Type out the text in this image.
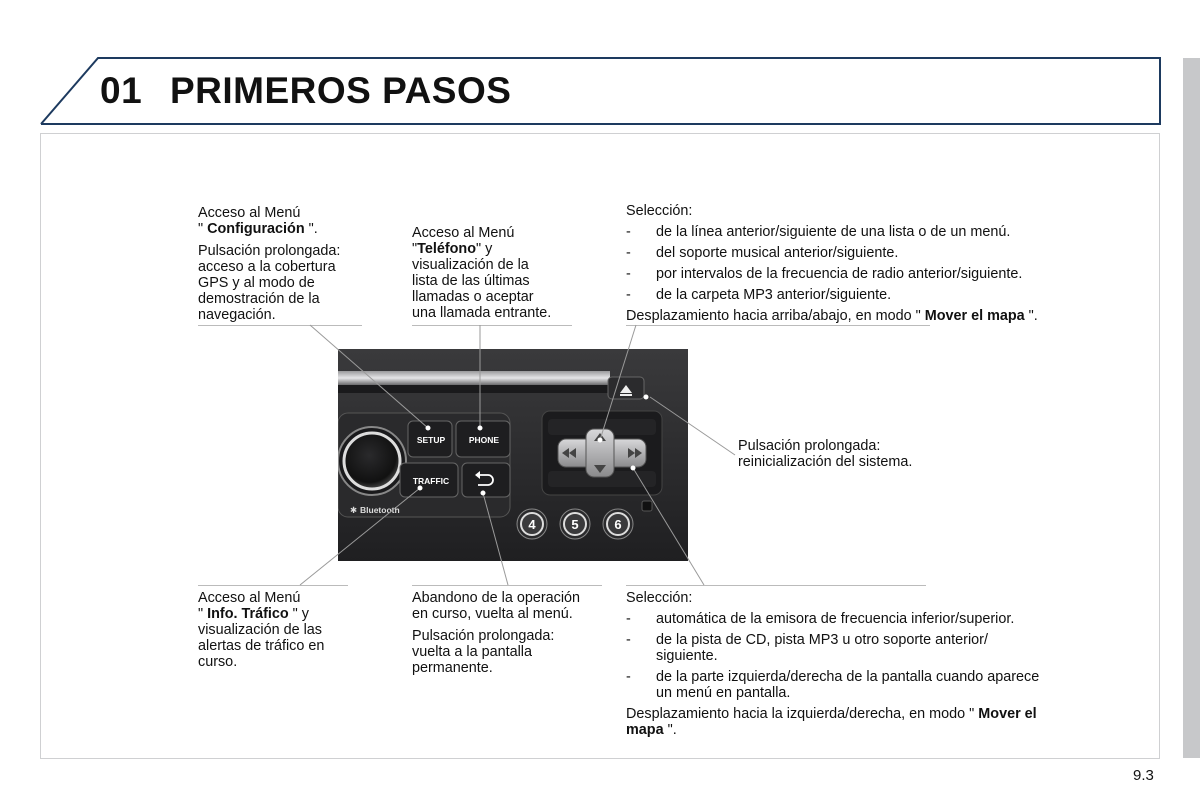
01 PRIMEROS PASOS
SETUP	PHONE
TRAFFIC
✱ Bluetooth
4	5	6

Acceso al Menú

" Configuración ".

Pulsación prolongada:

acceso a la cobertura

GPS y al modo de

demostración de la

navegación.

Acceso al Menú

"Teléfono" y

visualización de la

lista de las últimas

llamadas o aceptar

una llamada entrante.

Selección:

- de la línea anterior/siguiente de una lista o de un menú.
- del soporte musical anterior/siguiente.
- por intervalos de la frecuencia de radio anterior/siguiente.
- de la carpeta MP3 anterior/siguiente.

Desplazamiento hacia arriba/abajo, en modo " Mover el mapa ".

Pulsación prolongada:

reinicialización del sistema.

Acceso al Menú

" Info. Tráfico " y

visualización de las

alertas de tráfico en

curso.

Abandono de la operación

en curso, vuelta al menú.

Pulsación prolongada:

vuelta a la pantalla

permanente.

Selección:

- automática de la emisora de frecuencia inferior/superior.
- de la pista de CD, pista MP3 u otro soporte anterior/
siguiente.
- de la parte izquierda/derecha de la pantalla cuando aparece
un menú en pantalla.

Desplazamiento hacia la izquierda/derecha, en modo " Mover el
mapa ".

9.3
